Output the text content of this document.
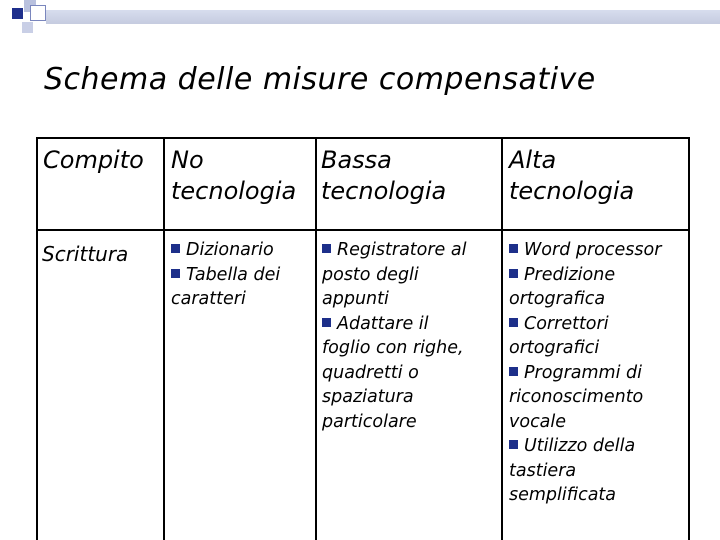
Schema delle misure compensative
Compito No
tecnologia
Bassa
tecnologia
Alta
tecnologia
Scrittura	Dizionario
Tabella dei
caratteri
Registratore al
posto degli
appunti
Adattare il
foglio con righe,
quadretti o
spaziatura
particolare
Word processor
Predizione
ortografica
Correttori
ortografici
Programmi di
riconoscimento
vocale
Utilizzo della
tastiera
semplificata
